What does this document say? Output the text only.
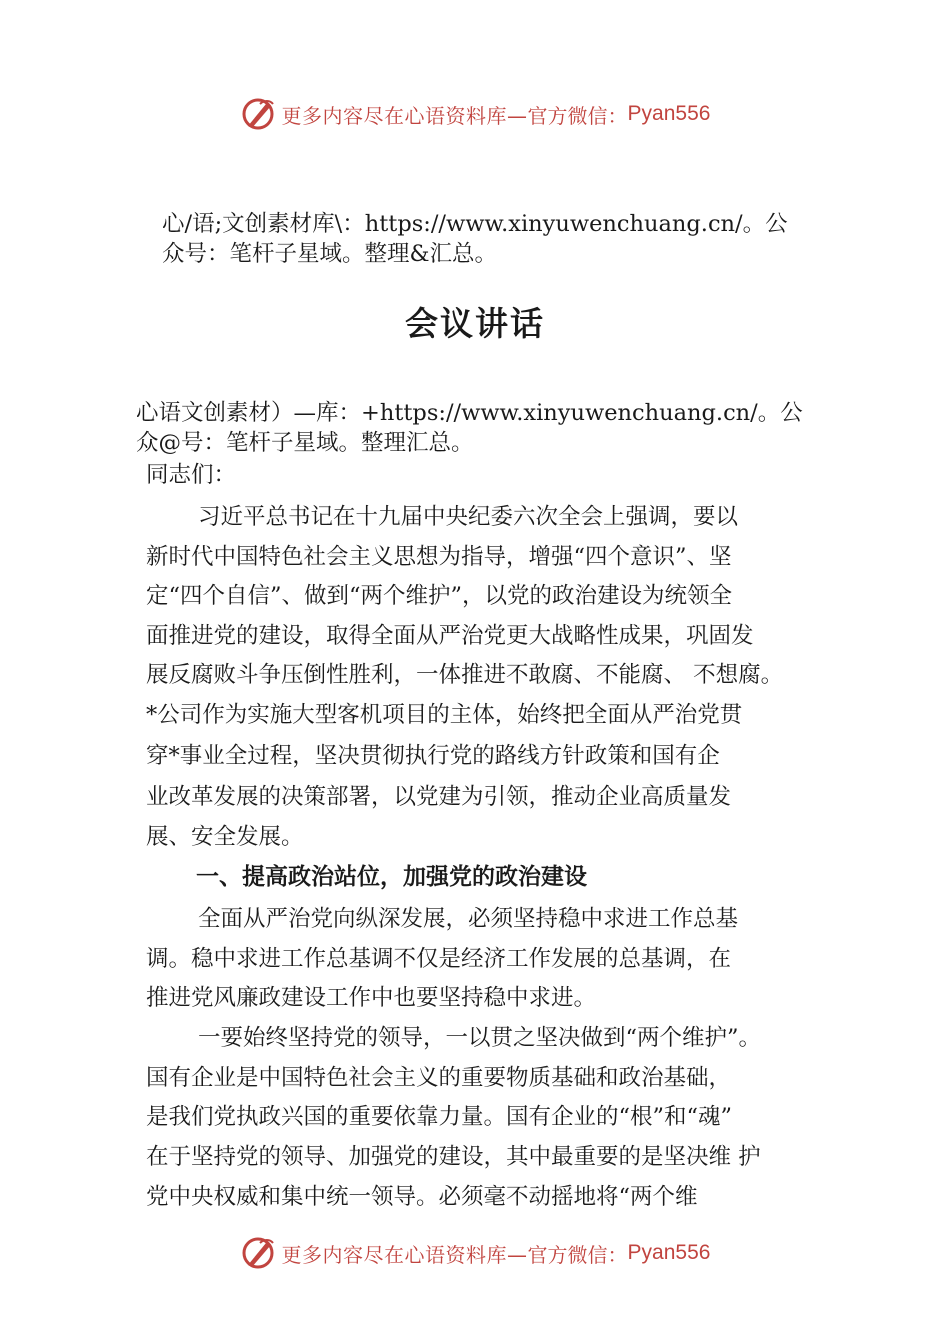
更多内容尽在心语资料库— 官方微信： Pyan556
心/语;文创素材库\：https://www.xinyuwenchuang.cn/。公
众号：笔杆子星域。整理&汇总。
会议讲话
心语文创素材）—库：+https://www.xinyuwenchuang.cn/。公
众@号：笔杆子星域。整理汇总。
同志们：
习近平总书记在十九届中央纪委六次全会上强调，要以
新时代中国特色社会主义思想为指导，增强“四个意识”、坚
定“四个自信”、做到“两个维护”，以党的政治建设为统领全
面推进党的建设，取得全面从严治党更大战略性成果，巩固发
展反腐败斗争压倒性胜利，一体推进不敢腐、不能腐、 不想腐。
*公司作为实施大型客机项目的主体，始终把全面从严治党贯
穿*事业全过程，坚决贯彻执行党的路线方针政策和国有企
业改革发展的决策部署，以党建为引领，推动企业高质量发
展、安全发展。
一、提高政治站位，加强党的政治建设
全面从严治党向纵深发展，必须坚持稳中求进工作总基
调。稳中求进工作总基调不仅是经济工作发展的总基调，在
推进党风廉政建设工作中也要坚持稳中求进。
一要始终坚持党的领导，一以贯之坚决做到“两个维护”。
国有企业是中国特色社会主义的重要物质基础和政治基础，
是我们党执政兴国的重要依靠力量。国有企业的“根”和“魂”
在于坚持党的领导、加强党的建设，其中最重要的是坚决维 护
党中央权威和集中统一领导。必须毫不动摇地将“两个维
更多内容尽在心语资料库— 官方微信： Pyan556
